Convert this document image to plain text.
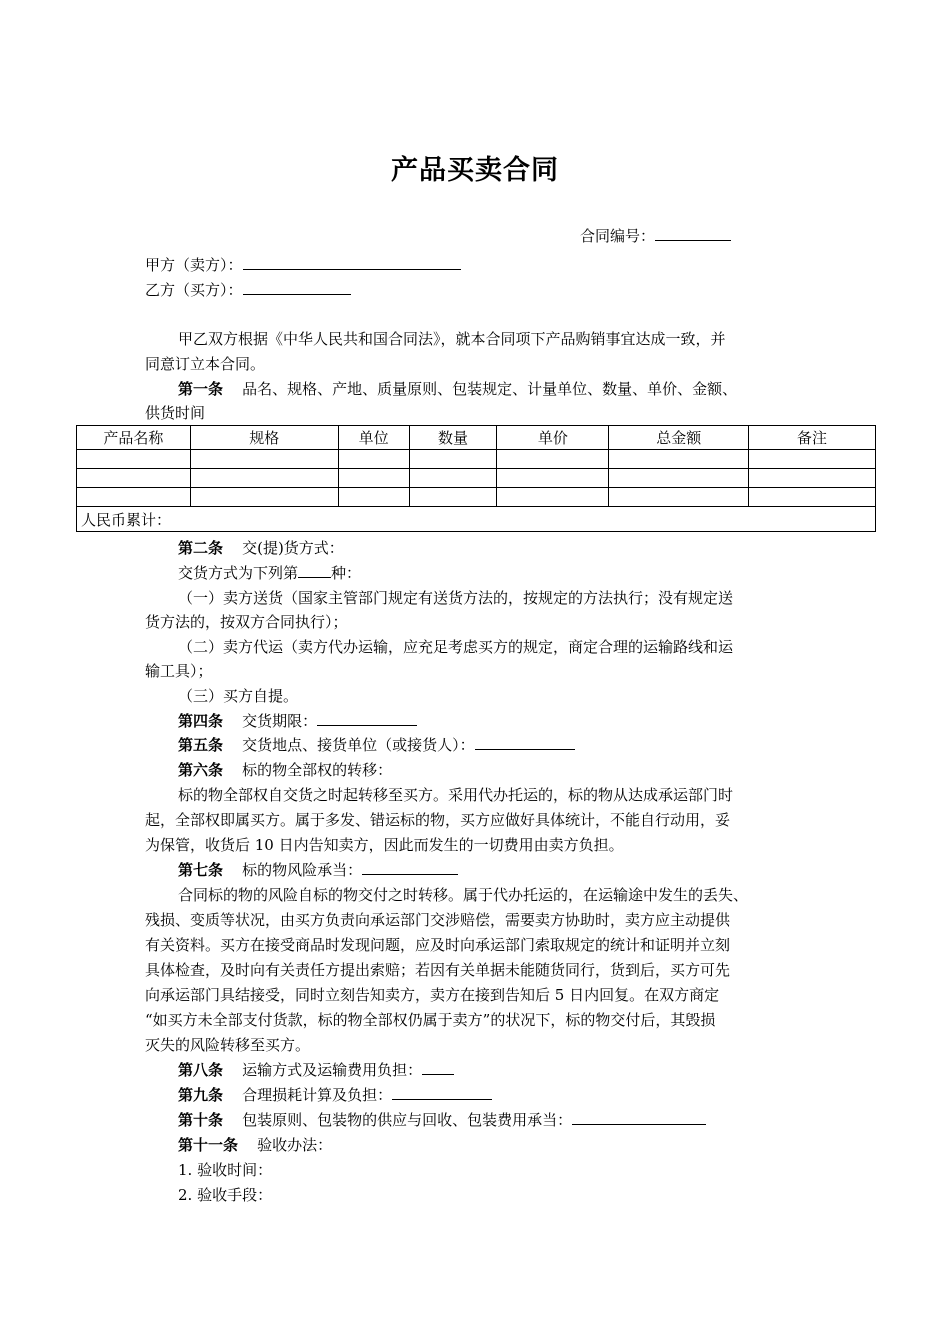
产品买卖合同
合同编号：
甲方（卖方）：
乙方（买方）：
甲乙双方根据《中华人民共和国合同法》，就本合同项下产品购销事宜达成一致，并
同意订立本合同。
第一条 品名、规格、产地、质量原则、包装规定、计量单位、数量、单价、金额、
供货时间
产品名称	规格	单位	数量	单价	总金额	备注

人民币累计：						
第二条 交(提)货方式：
交货方式为下列第 种：
（一）卖方送货（国家主管部门规定有送货方法的，按规定的方法执行；没有规定送
货方法的，按双方合同执行）；
（二）卖方代运（卖方代办运输，应充足考虑买方的规定，商定合理的运输路线和运
输工具）；
（三）买方自提。
第四条 交货期限：
第五条 交货地点、接货单位（或接货人）：
第六条 标的物全部权的转移：
标的物全部权自交货之时起转移至买方。采用代办托运的，标的物从达成承运部门时
起，全部权即属买方。属于多发、错运标的物，买方应做好具体统计，不能自行动用，妥
为保管，收货后 10 日内告知卖方，因此而发生的一切费用由卖方负担。
第七条 标的物风险承当：
合同标的物的风险自标的物交付之时转移。属于代办托运的，在运输途中发生的丢失、
残损、变质等状况，由买方负责向承运部门交涉赔偿，需要卖方协助时，卖方应主动提供
有关资料。买方在接受商品时发现问题，应及时向承运部门索取规定的统计和证明并立刻
具体检查，及时向有关责任方提出索赔；若因有关单据未能随货同行，货到后，买方可先
向承运部门具结接受，同时立刻告知卖方，卖方在接到告知后 5 日内回复。在双方商定
“如买方未全部支付货款，标的物全部权仍属于卖方”的状况下，标的物交付后，其毁损
灭失的风险转移至买方。
第八条 运输方式及运输费用负担：
第九条 合理损耗计算及负担：
第十条 包装原则、包装物的供应与回收、包装费用承当：
第十一条 验收办法：
1. 验收时间：
2. 验收手段：
